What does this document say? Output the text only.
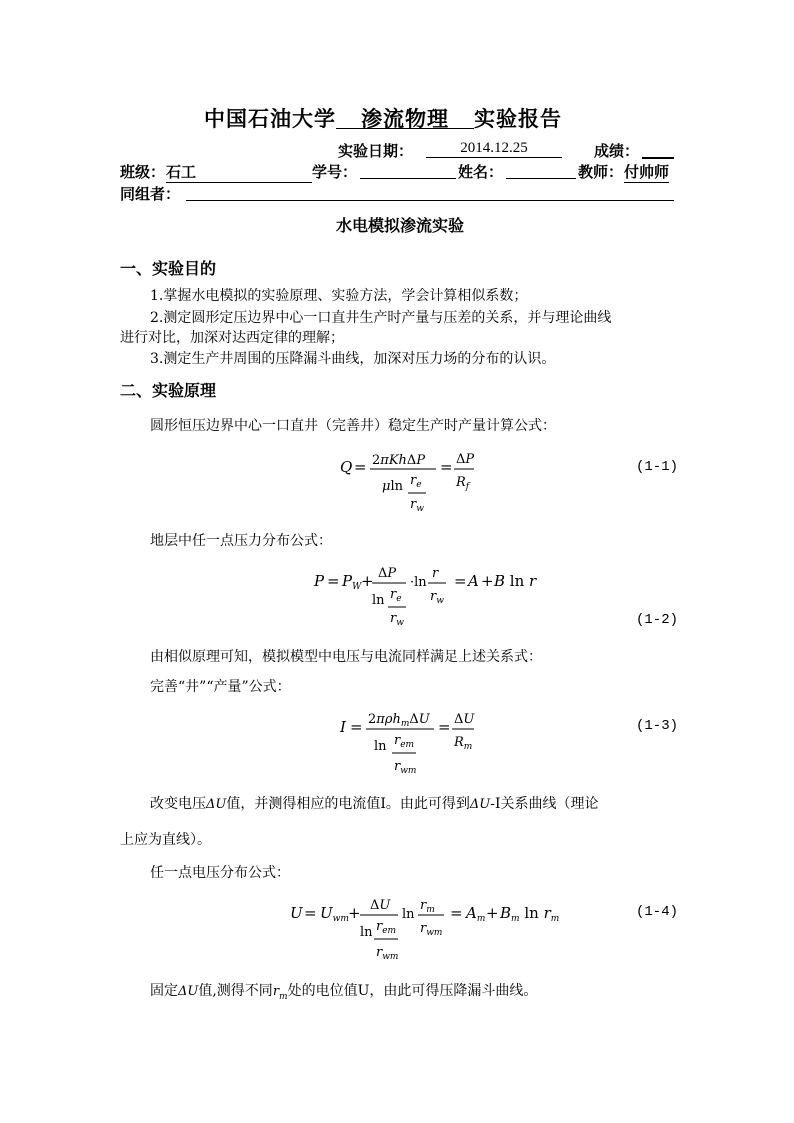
中国石油大学 渗流物理 实验报告
实验日期：	2014.12.25	成绩：
班级： 石工	学号：	姓名：	教师： 付帅师
同组者：
水电模拟渗流实验
一、实验目的
1.掌握水电模拟的实验原理、实验方法，学会计算相似系数；
2.测定圆形定压边界中心一口直井生产时产量与压差的关系，并与理论曲线
进行对比，加深对达西定律的理解；
3.测定生产井周围的压降漏斗曲线，加深对压力场的分布的认识。
二、实验原理
圆形恒压边界中心一口直井（完善井）稳定生产时产量计算公式：
Q = 2πKhΔP
μln $r_e$
$r_w$
= ΔP
$R_f$
(1-1)
地层中任一点压力分布公式：
$P = P_W + \Delta P$
$\ln r_e$
$r_w$
·ln
r
$r_w$
= A + B ln r
(1-2)
由相似原理可知，模拟模型中电压与电流同样满足上述关系式：
完善“井”“产量”公式：
I = 2πρh$_m$ΔU
$\ln r_{em}$
$r_{wm}$
= ΔU
$R_m$
(1-3)
改变电压ΔU值，并测得相应的电流值I。由此可得到ΔU-I关系曲线（理论
上应为直线）。
任一点电压分布公式：
$U = U_{wm} + \Delta U$
$\ln r_{em}$
$r_{wm}$
ln
$r_m$
$r_{wm}$
= $A_m + B_m$ $\ln r_m$	(1-4)
固定ΔU值,测得不同$r_m$处的电位值U，由此可得压降漏斗曲线。
